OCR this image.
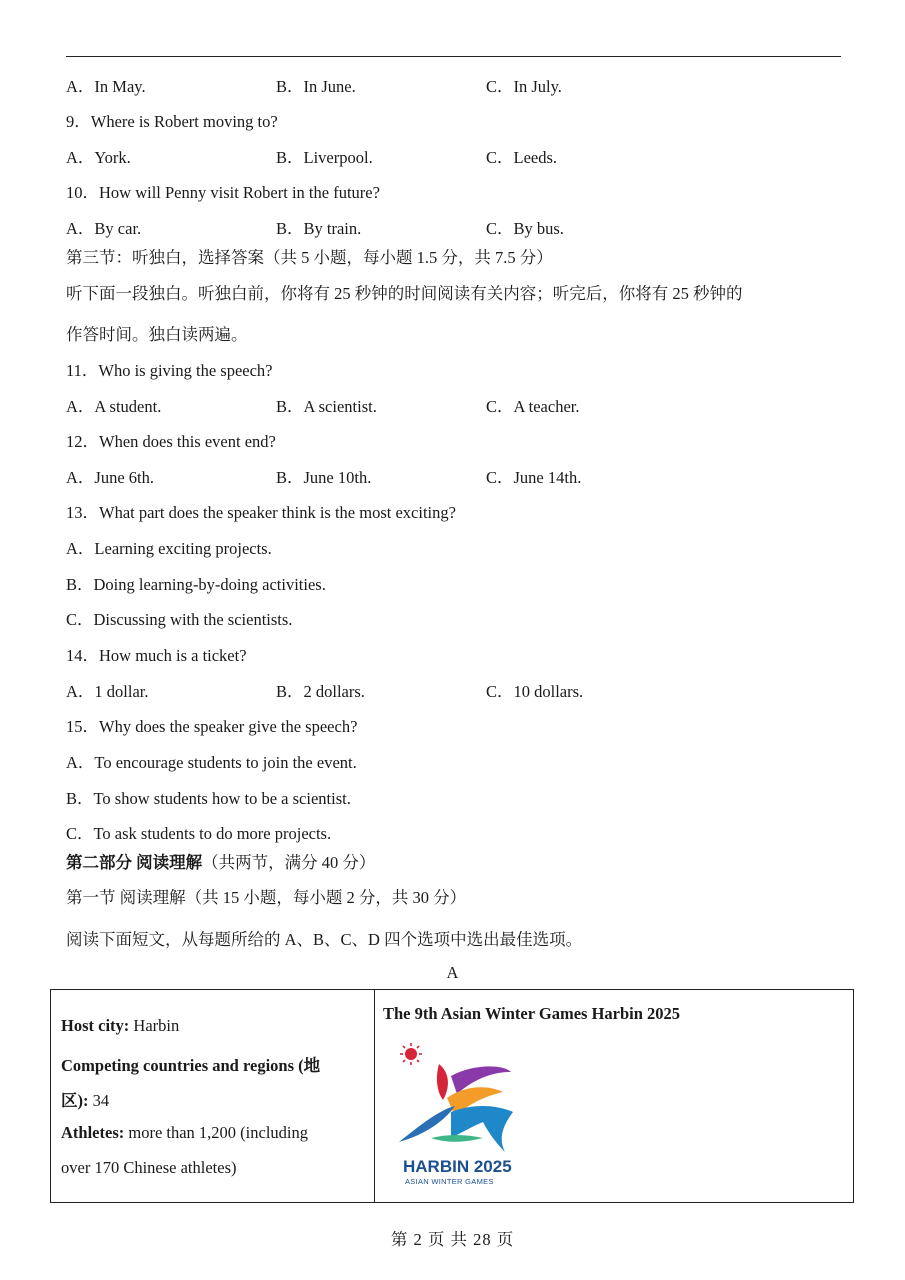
A．In May.	B．In June.	C．In July.
9．Where is Robert moving to?
A．York.	B．Liverpool.	C．Leeds.
10．How will Penny visit Robert in the future?
A．By car.	B．By train.	C．By bus.
第三节：听独白，选择答案（共 5 小题，每小题 1.5 分，共 7.5 分）
听下面一段独白。听独白前，你将有 25 秒钟的时间阅读有关内容；听完后，你将有 25 秒钟的
作答时间。独白读两遍。
11．Who is giving the speech?
A．A student.	B．A scientist.	C．A teacher.
12．When does this event end?
A．June 6th.	B．June 10th.	C．June 14th.
13．What part does the speaker think is the most exciting?
A．Learning exciting projects.
B．Doing learning-by-doing activities.
C．Discussing with the scientists.
14．How much is a ticket?
A．1 dollar.	B．2 dollars.	C．10 dollars.
15．Why does the speaker give the speech?
A．To encourage students to join the event.
B．To show students how to be a scientist.
C．To ask students to do more projects.
第二部分 阅读理解（共两节，满分 40 分）
第一节 阅读理解（共 15 小题，每小题 2 分，共 30 分）
阅读下面短文，从每题所给的 A、B、C、D 四个选项中选出最佳选项。
A
Host city: Harbin
Competing countries and regions (地
区): 34
Athletes: more than 1,200 (including
over 170 Chinese athletes)
The 9th Asian Winter Games Harbin 2025
HARBIN 2025
ASIAN WINTER GAMES
第 2 页 共 28 页
